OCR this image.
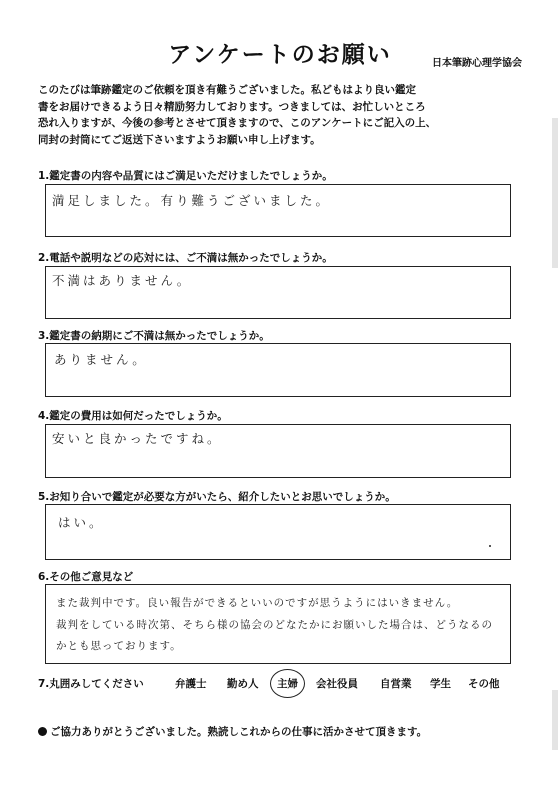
アンケートのお願い	日本筆跡心理学協会
このたびは筆跡鑑定のご依頼を頂き有難うございました。私どもはより良い鑑定
書をお届けできるよう日々精励努力しております。つきましては、お忙しいところ
恐れ入りますが、今後の参考とさせて頂きますので、このアンケートにご記入の上、
同封の封筒にてご返送下さいますようお願い申し上げます。
1.鑑定書の内容や品質にはご満足いただけましたでしょうか。
満足しました。有り難うございました。
2.電話や説明などの応対には、ご不満は無かったでしょうか。
不満はありません。
3.鑑定書の納期にご不満は無かったでしょうか。
ありません。
4.鑑定の費用は如何だったでしょうか。
安いと良かったですね。
5.お知り合いで鑑定が必要な方がいたら、紹介したいとお思いでしょうか。
はい。
6.その他ご意見など
また裁判中です。良い報告ができるといいのですが思うようにはいきません。
裁判をしている時次第、そちら様の協会のどなたかにお願いした場合は、どうなるの
かとも思っております。
7.丸囲みしてください	弁護士 勤め人 主婦 会社役員 自営業 学生 その他
ご協力ありがとうございました。熟読しこれからの仕事に活かさせて頂きます。
